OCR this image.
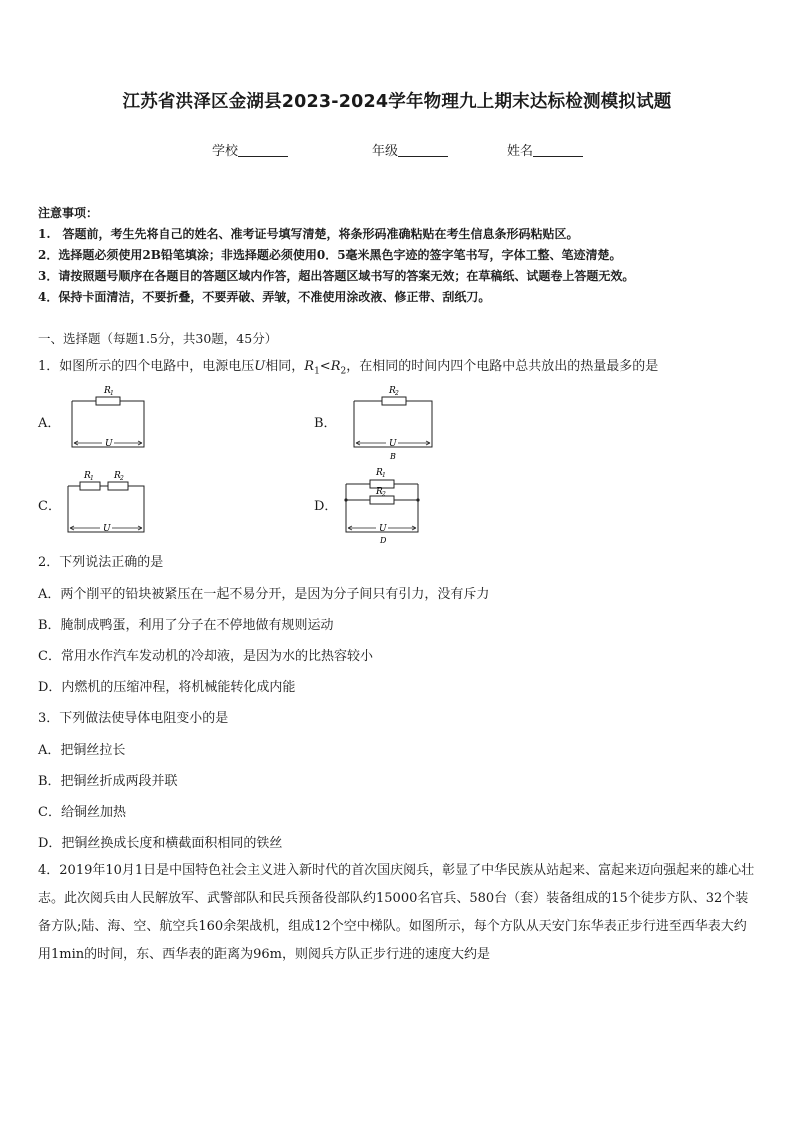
江苏省洪泽区金湖县2023-2024学年物理九上期末达标检测模拟试题
学校	年级	姓名
注意事项：
1.　答题前，考生先将自己的姓名、准考证号填写清楚，将条形码准确粘贴在考生信息条形码粘贴区。
2．选择题必须使用2B铅笔填涂；非选择题必须使用0．5毫米黑色字迹的签字笔书写，字体工整、笔迹清楚。
3．请按照题号顺序在各题目的答题区域内作答，超出答题区域书写的答案无效；在草稿纸、试题卷上答题无效。
4．保持卡面清洁，不要折叠，不要弄破、弄皱，不准使用涂改液、修正带、刮纸刀。
一、选择题（每题1.5分，共30题，45分）
1．如图所示的四个电路中，电源电压U相同，$R_1<R_2$，在相同的时间内四个电路中总共放出的热量最多的是
A．	B．
C．	D．
R 1
U
R 2
U
B
R 1 R 2
U
R 1
R 2
U
D
2．下列说法正确的是
A．两个削平的铅块被紧压在一起不易分开，是因为分子间只有引力，没有斥力
B．腌制成鸭蛋，利用了分子在不停地做有规则运动
C．常用水作汽车发动机的冷却液，是因为水的比热容较小
D．内燃机的压缩冲程，将机械能转化成内能
3．下列做法使导体电阻变小的是
A．把铜丝拉长
B．把铜丝折成两段并联
C．给铜丝加热
D．把铜丝换成长度和横截面积相同的铁丝
4．2019年10月1日是中国特色社会主义进入新时代的首次国庆阅兵，彰显了中华民族从站起来、富起来迈向强起来的雄心壮志。此次阅兵由人民解放军、武警部队和民兵预备役部队约15000名官兵、580台（套）装备组成的15个徒步方队、32个装备方队;陆、海、空、航空兵160余架战机，组成12个空中梯队。如图所示，每个方队从天安门东华表正步行进至西华表大约用1min的时间，东、西华表的距离为96m，则阅兵方队正步行进的速度大约是
